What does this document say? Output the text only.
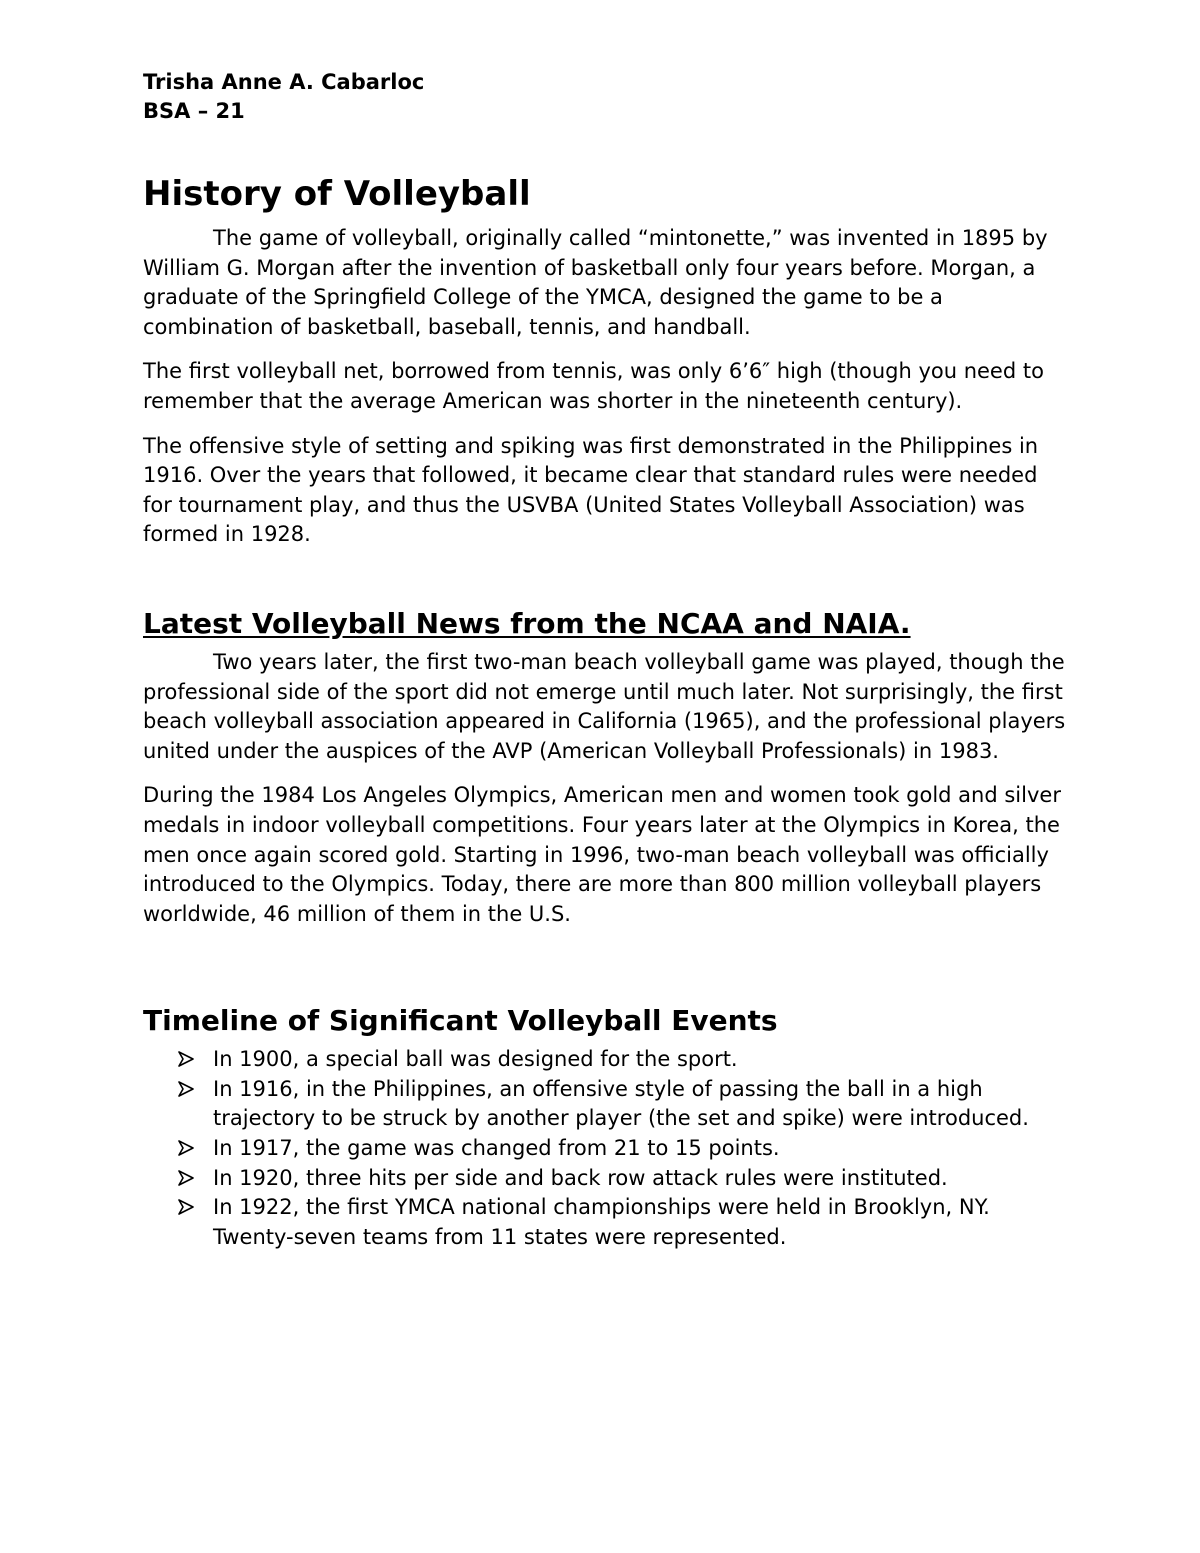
Trisha Anne A. Cabarloc

BSA – 21

History of Volleyball

The game of volleyball, originally called “mintonette,” was invented in 1895 by William G. Morgan after the invention of basketball only four years before. Morgan, a graduate of the Springfield College of the YMCA, designed the game to be a combination of basketball, baseball, tennis, and handball.

The first volleyball net, borrowed from tennis, was only 6’6″ high (though you need to remember that the average American was shorter in the nineteenth century).

The offensive style of setting and spiking was first demonstrated in the Philippines in 1916. Over the years that followed, it became clear that standard rules were needed for tournament play, and thus the USVBA (United States Volleyball Association) was formed in 1928.

Latest Volleyball News from the NCAA and NAIA.

Two years later, the first two-man beach volleyball game was played, though the professional side of the sport did not emerge until much later. Not surprisingly, the first beach volleyball association appeared in California (1965), and the professional players united under the auspices of the AVP (American Volleyball Professionals) in 1983.

During the 1984 Los Angeles Olympics, American men and women took gold and silver medals in indoor volleyball competitions. Four years later at the Olympics in Korea, the men once again scored gold. Starting in 1996, two-man beach volleyball was officially introduced to the Olympics. Today, there are more than 800 million volleyball players worldwide, 46 million of them in the U.S.

Timeline of Significant Volleyball Events
In 1900, a special ball was designed for the sport.
In 1916, in the Philippines, an offensive style of passing the ball in a high trajectory to be struck by another player (the set and spike) were introduced.
In 1917, the game was changed from 21 to 15 points.
In 1920, three hits per side and back row attack rules were instituted.
In 1922, the first YMCA national championships were held in Brooklyn, NY. Twenty-seven teams from 11 states were represented.
